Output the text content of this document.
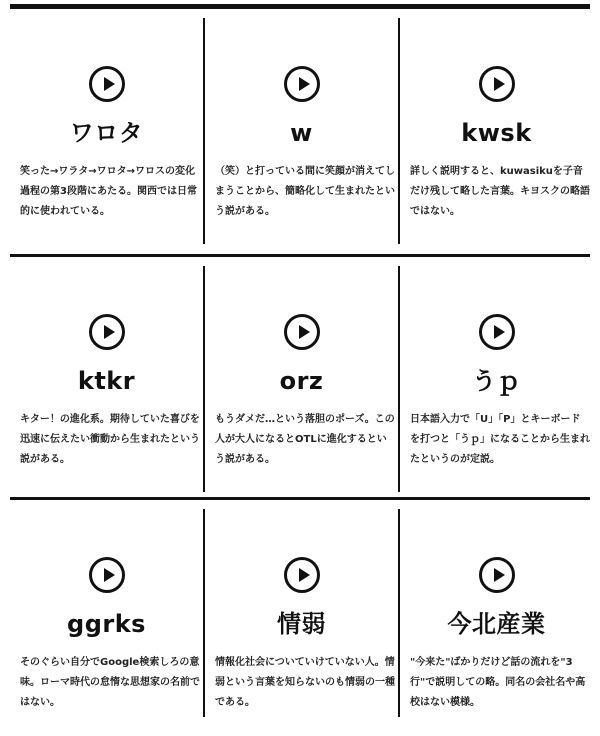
ワロタ
笑った→ワラタ→ワロタ→ワロスの変化過程の第3段階にあたる。関西では日常的に使われている。
w
（笑）と打っている間に笑顔が消えてしまうことから、簡略化して生まれたという説がある。
kwsk
詳しく説明すると、kuwasikuを子音だけ残して略した言葉。キヨスクの略語ではない。
ktkr
キター！の進化系。期待していた喜びを迅速に伝えたい衝動から生まれたという説がある。
orz
もうダメだ…という落胆のポーズ。この人が大人になるとOTLに進化するという説がある。
うｐ
日本語入力で「U」「P」とキーボードを打つと「うｐ」になることから生まれたというのが定説。
ggrks
そのぐらい自分でGoogle検索しろの意味。ローマ時代の怠惰な思想家の名前ではない。
情弱
情報化社会についていけていない人。情弱という言葉を知らないのも情弱の一種である。
今北産業
"今来た"ばかりだけど話の流れを"3行"で説明しての略。同名の会社名や高校はない模様。
